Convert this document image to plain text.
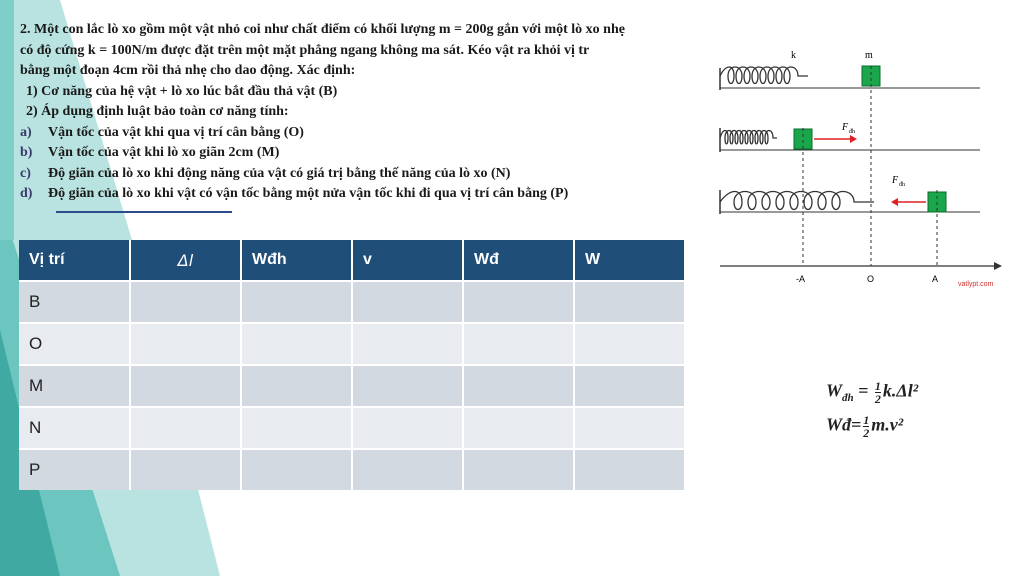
2. Một con lắc lò xo gồm một vật nhỏ coi như chất điểm có khối lượng m = 200g gắn với một lò xo nhẹ
có độ cứng k = 100N/m được đặt trên một mặt phẳng ngang không ma sát. Kéo vật ra khỏi vị tr
bằng một đoạn 4cm rồi thả nhẹ cho dao động. Xác định:
1) Cơ năng của hệ vật + lò xo lúc bắt đầu thả vật (B)
2) Áp dụng định luật bảo toàn cơ năng tính:
a)	Vận tốc của vật khi qua vị trí cân bằng (O)
b)	Vận tốc của vật khi lò xo giãn 2cm (M)
c)	Độ giãn của lò xo khi động năng của vật có giá trị bằng thế năng của lò xo (N)
d)	Độ giãn của lò xo khi vật có vận tốc bằng một nửa vận tốc khi đi qua vị trí cân bằng (P)
Vị trí	Δl	Wđh	v	Wđ	W
B					
O					
M					
N					
P					
k	m
F đh
F đh
-A	O	A
vatlypt.com
$W_{đh} = \frac{1}{2} k.\Delta l^2$
Wđ= $\frac{1}{2} m.v^2$
